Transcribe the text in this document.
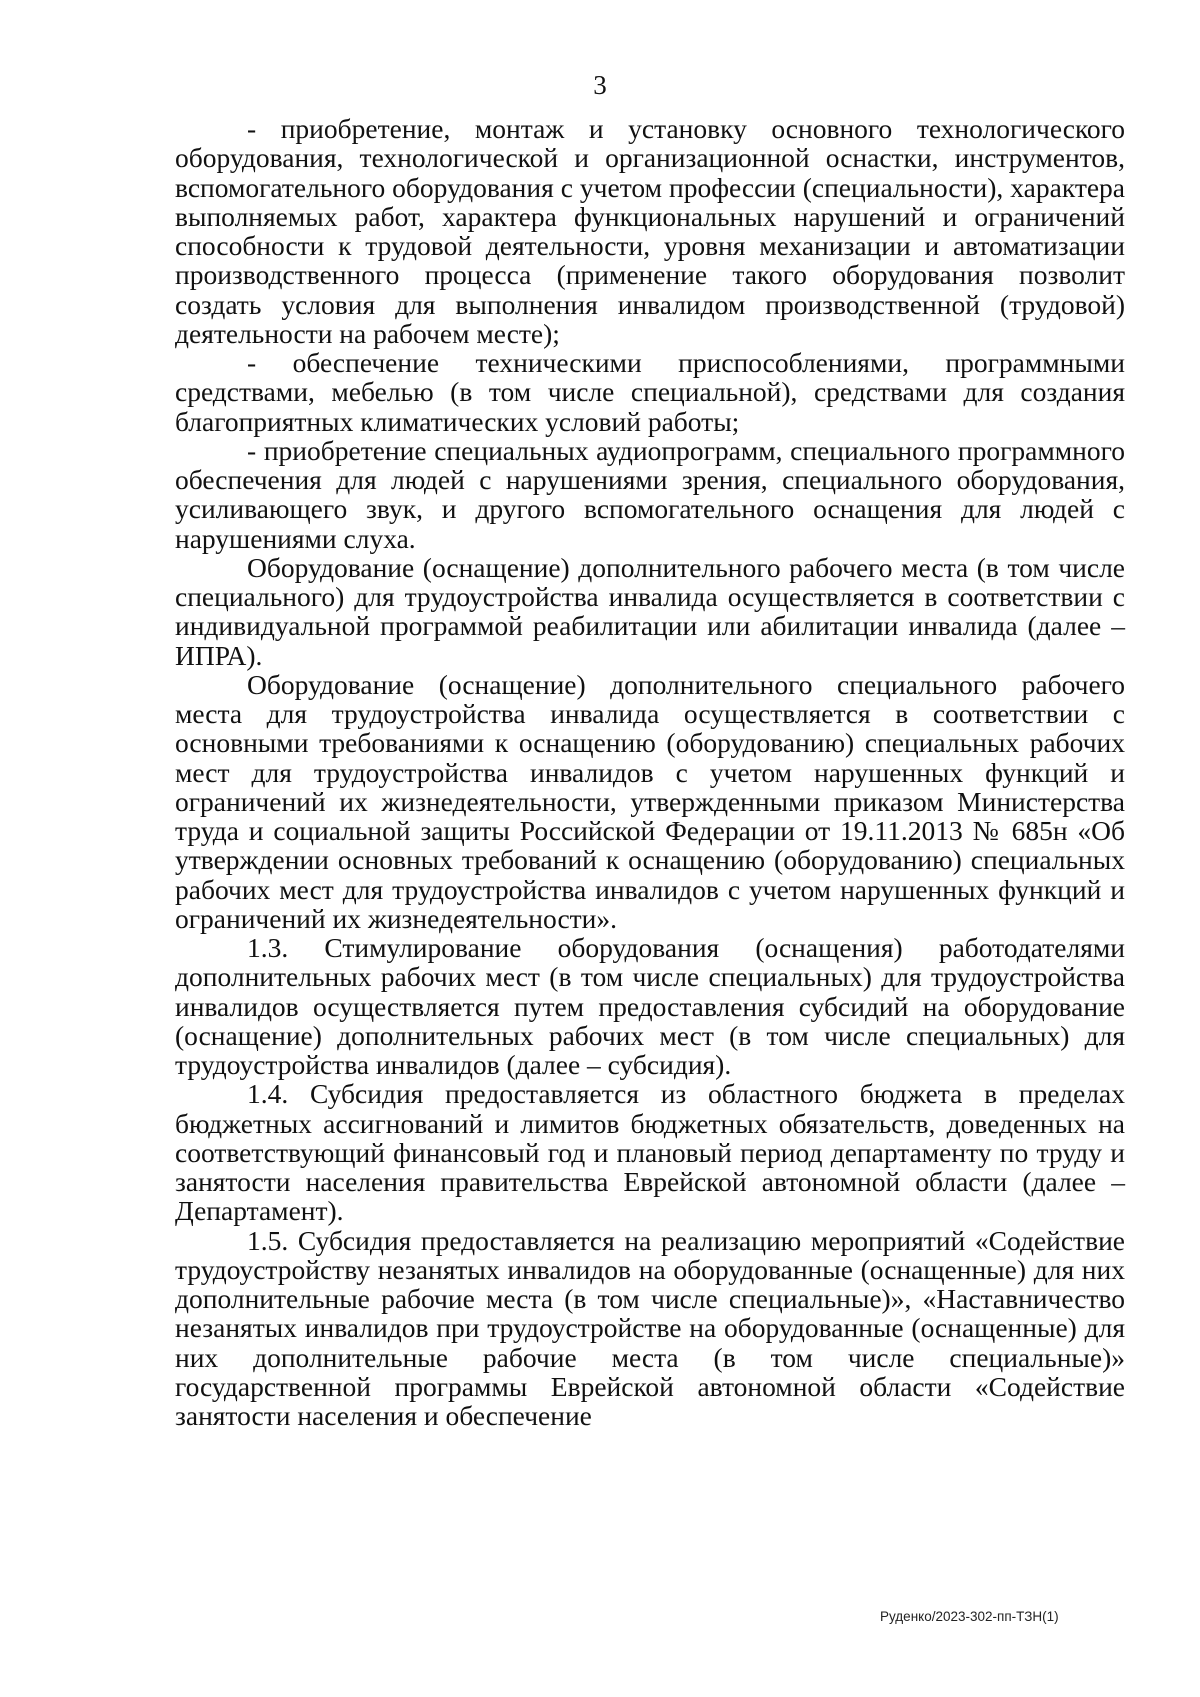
3

- приобретение, монтаж и установку основного технологического оборудования, технологической и организационной оснастки, инструментов, вспомогательного оборудования с учетом профессии (специальности), характера выполняемых работ, характера функциональных нарушений и ограничений способности к трудовой деятельности, уровня механизации и автоматизации производственного процесса (применение такого оборудования позволит создать условия для выполнения инвалидом производственной (трудовой) деятельности на рабочем месте);

- обеспечение техническими приспособлениями, программными средствами, мебелью (в том числе специальной), средствами для создания благоприятных климатических условий работы;

- приобретение специальных аудиопрограмм, специального программного обеспечения для людей с нарушениями зрения, специального оборудования, усиливающего звук, и другого вспомогательного оснащения для людей с нарушениями слуха.

Оборудование (оснащение) дополнительного рабочего места (в том числе специального) для трудоустройства инвалида осуществляется в соответствии с индивидуальной программой реабилитации или абилитации инвалида (далее – ИПРА).

Оборудование (оснащение) дополнительного специального рабочего места для трудоустройства инвалида осуществляется в соответствии с основными требованиями к оснащению (оборудованию) специальных рабочих мест для трудоустройства инвалидов с учетом нарушенных функций и ограничений их жизнедеятельности, утвержденными приказом Министерства труда и социальной защиты Российской Федерации от 19.11.2013 № 685н «Об утверждении основных требований к оснащению (оборудованию) специальных рабочих мест для трудоустройства инвалидов с учетом нарушенных функций и ограничений их жизнедеятельности».

1.3. Стимулирование оборудования (оснащения) работодателями дополнительных рабочих мест (в том числе специальных) для трудоустройства инвалидов осуществляется путем предоставления субсидий на оборудование (оснащение) дополнительных рабочих мест (в том числе специальных) для трудоустройства инвалидов (далее – субсидия).

1.4. Субсидия предоставляется из областного бюджета в пределах бюджетных ассигнований и лимитов бюджетных обязательств, доведенных на соответствующий финансовый год и плановый период департаменту по труду и занятости населения правительства Еврейской автономной области (далее – Департамент).

1.5. Субсидия предоставляется на реализацию мероприятий «Содействие трудоустройству незанятых инвалидов на оборудованные (оснащенные) для них дополнительные рабочие места (в том числе специальные)», «Наставничество незанятых инвалидов при трудоустройстве на оборудованные (оснащенные) для них дополнительные рабочие места (в том числе специальные)» государственной программы Еврейской автономной области «Содействие занятости населения и обеспечение

Руденко/2023-302-пп-ТЗН(1)
